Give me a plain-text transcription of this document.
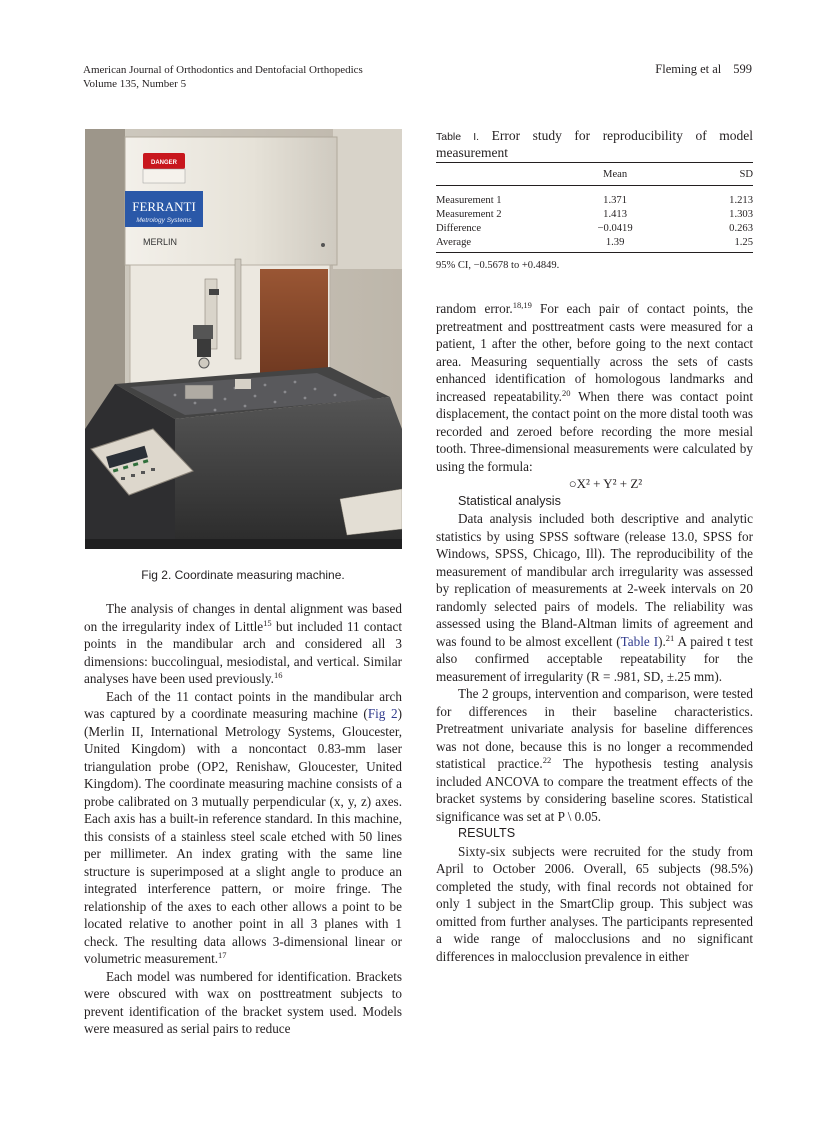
American Journal of Orthodontics and Dentofacial Orthopedics
Volume 135, Number 5
Fleming et al 599
DANGER
FERRANTI
Metrology Systems
MERLIN
Fig 2. Coordinate measuring machine.
Table I. Error study for reproducibility of model measurement
	Mean	SD
Measurement 1	1.371	1.213
Measurement 2	1.413	1.303
Difference	−0.0419	0.263
Average	1.39	1.25
95% CI, −0.5678 to +0.4849.

The analysis of changes in dental alignment was based on the irregularity index of Little$^{15}$ but included 11 contact points in the mandibular arch and considered all 3 dimensions: buccolingual, mesiodistal, and vertical. Similar analyses have been used previously.$^{16}$

Each of the 11 contact points in the mandibular arch was captured by a coordinate measuring machine (Fig 2) (Merlin II, International Metrology Systems, Gloucester, United Kingdom) with a noncontact 0.83-mm laser triangulation probe (OP2, Renishaw, Gloucester, United Kingdom). The coordinate measuring machine consists of a probe calibrated on 3 mutually perpendicular (x, y, z) axes. Each axis has a built-in reference standard. In this machine, this consists of a stainless steel scale etched with 50 lines per millimeter. An index grating with the same line structure is superimposed at a slight angle to produce an integrated interference pattern, or moire fringe. The relationship of the axes to each other allows a point to be located relative to another point in all 3 planes with 1 check. The resulting data allows 3-dimensional linear or volumetric measurement.$^{17}$

Each model was numbered for identification. Brackets were obscured with wax on posttreatment subjects to prevent identification of the bracket system used. Models were measured as serial pairs to reduce

random error.$^{18,19}$ For each pair of contact points, the pretreatment and posttreatment casts were measured for a patient, 1 after the other, before going to the next contact area. Measuring sequentially across the sets of casts enhanced identification of homologous landmarks and increased repeatability.$^{20}$ When there was contact point displacement, the contact point on the more distal tooth was recorded and zeroed before recording the more mesial tooth. Three-dimensional measurements were calculated by using the formula:

○X² + Y² + Z²

Statistical analysis

Data analysis included both descriptive and analytic statistics by using SPSS software (release 13.0, SPSS for Windows, SPSS, Chicago, Ill). The reproducibility of the measurement of mandibular arch irregularity was assessed by replication of measurements at 2-week intervals on 20 randomly selected pairs of models. The reliability was assessed using the Bland-Altman limits of agreement and was found to be almost excellent (Table I).$^{21}$ A paired t test also confirmed acceptable repeatability for the measurement of irregularity (R = .981, SD, ±.25 mm).

The 2 groups, intervention and comparison, were tested for differences in their baseline characteristics. Pretreatment univariate analysis for baseline differences was not done, because this is no longer a recommended statistical practice.$^{22}$ The hypothesis testing analysis included ANCOVA to compare the treatment effects of the bracket systems by considering baseline scores. Statistical significance was set at P \ 0.05.

RESULTS

Sixty-six subjects were recruited for the study from April to October 2006. Overall, 65 subjects (98.5%) completed the study, with final records not obtained for only 1 subject in the SmartClip group. This subject was omitted from further analyses. The participants represented a wide range of malocclusions and no significant differences in malocclusion prevalence in either
